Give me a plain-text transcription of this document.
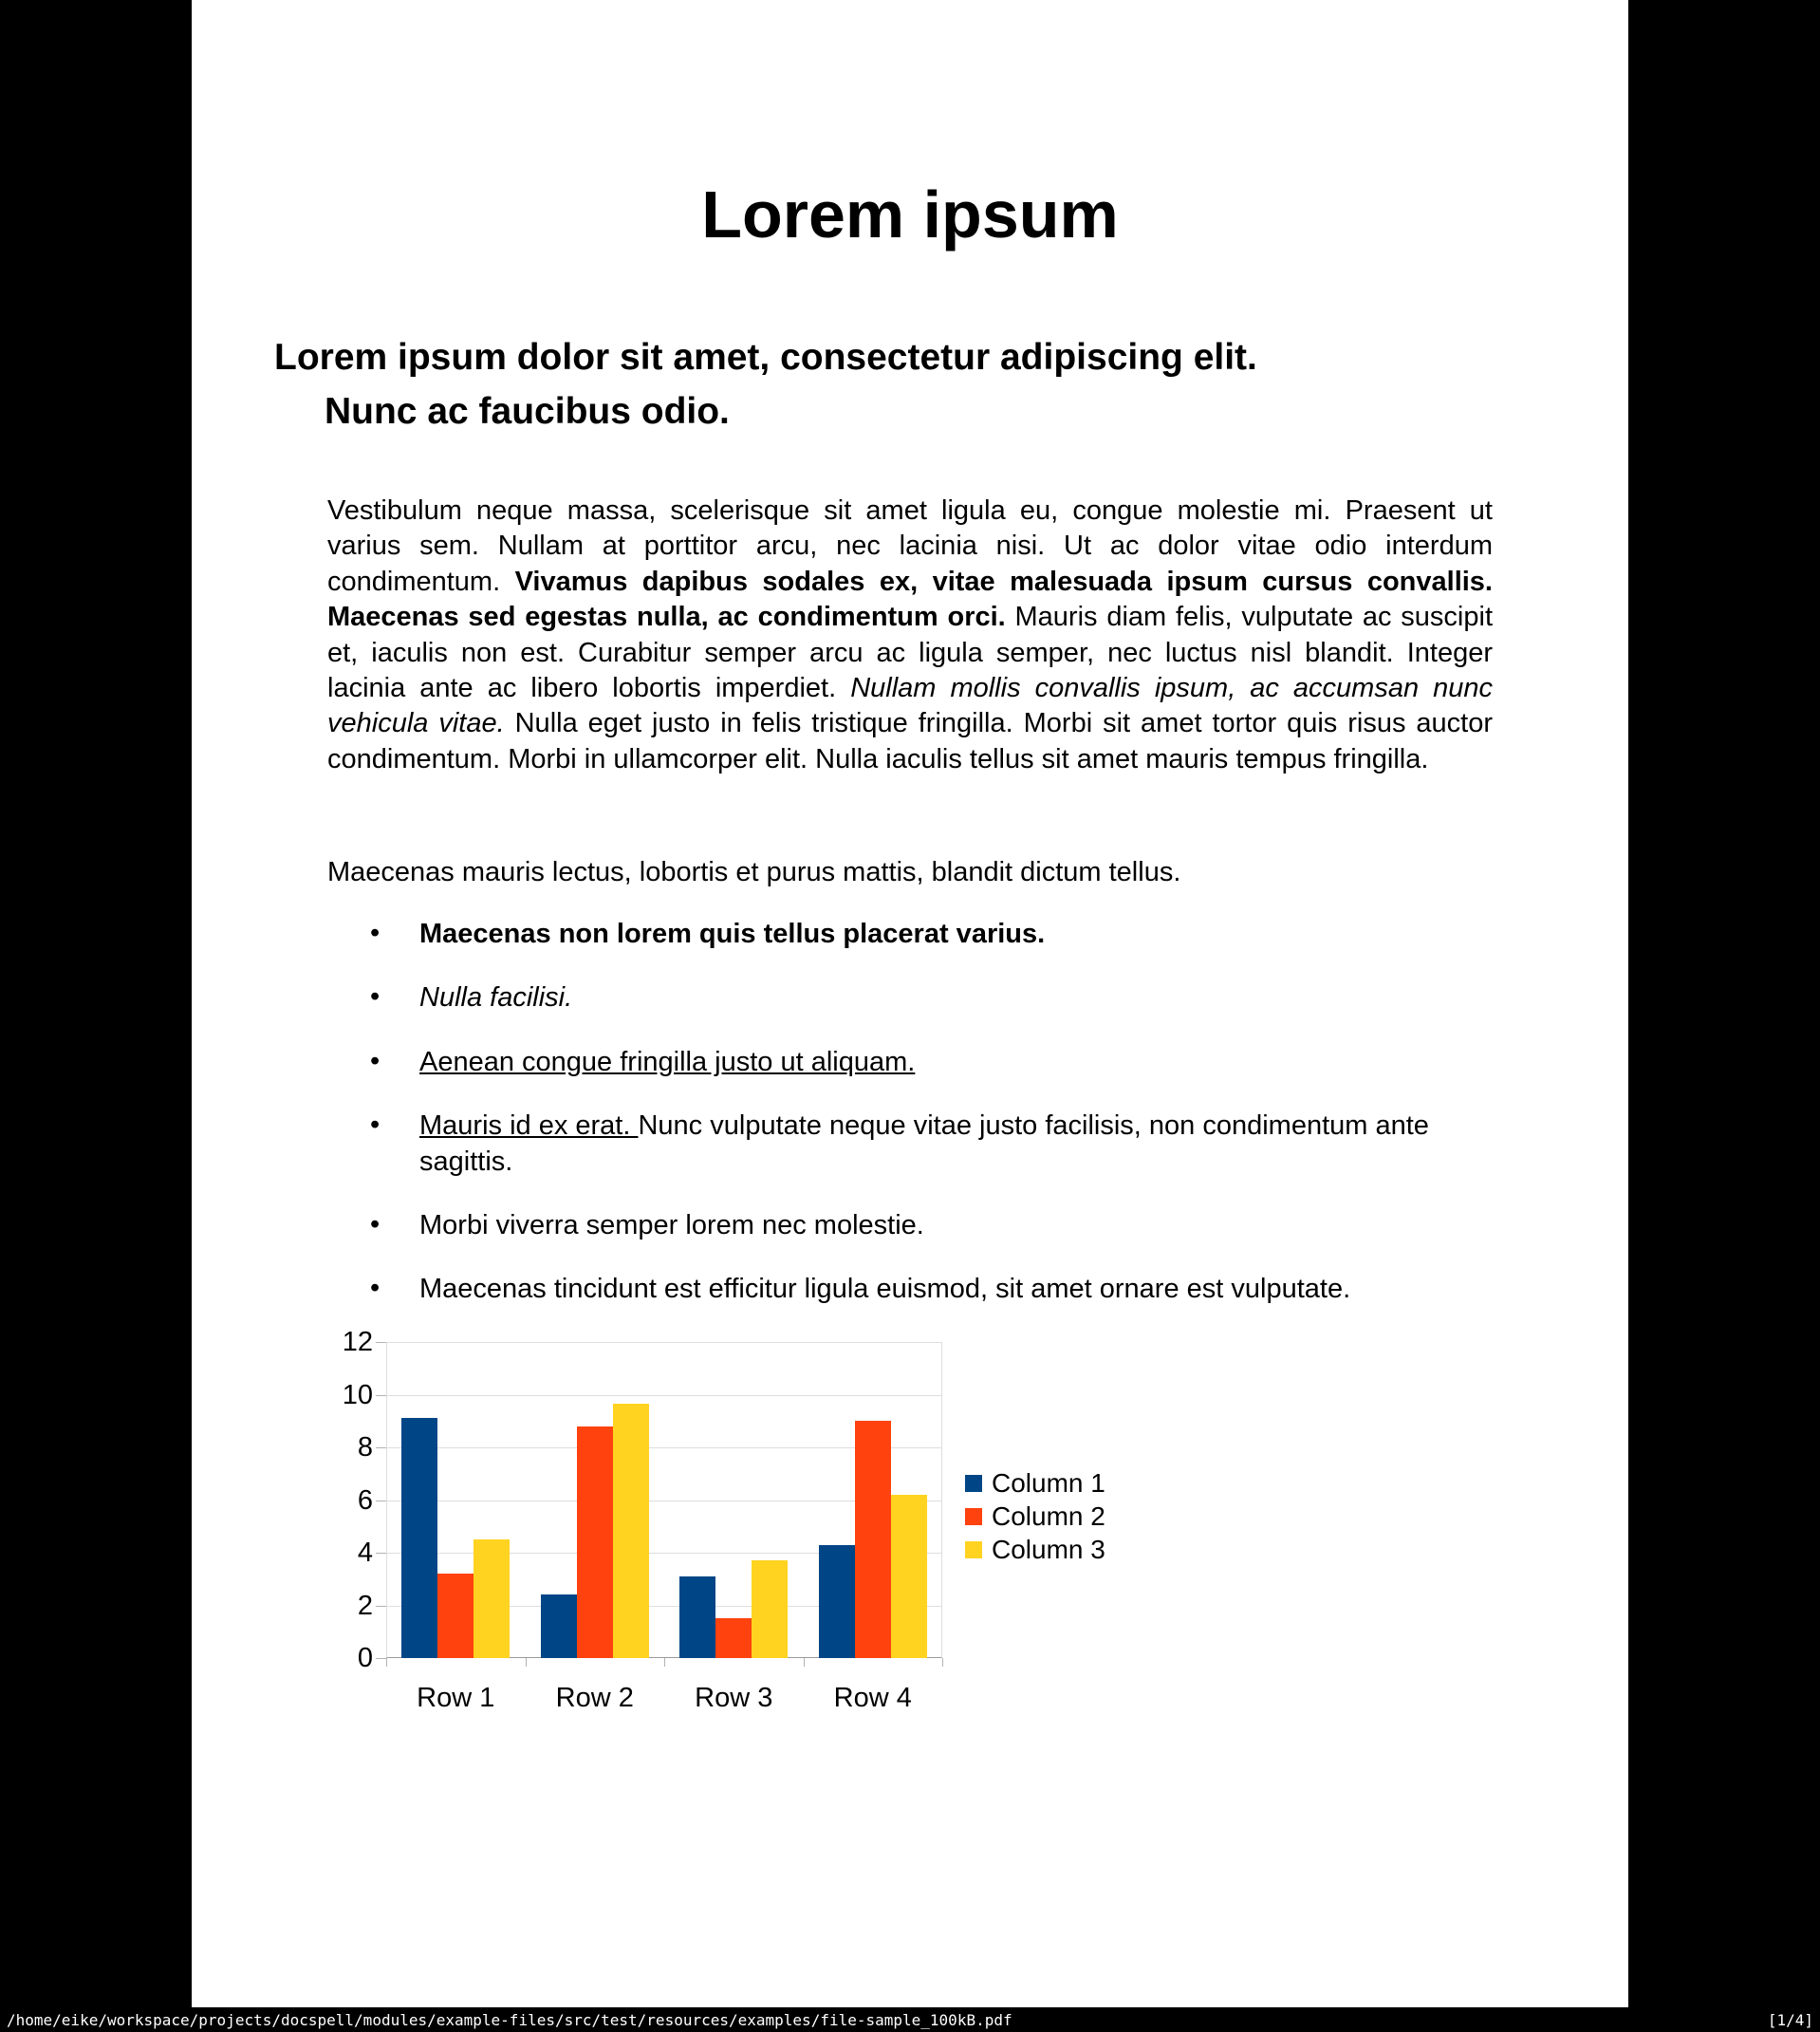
Lorem ipsum
Lorem ipsum dolor sit amet, consectetur adipiscing elit.
Nunc ac faucibus odio.
Vestibulum neque massa, scelerisque sit amet ligula eu, congue molestie mi. Praesent ut varius sem. Nullam at porttitor arcu, nec lacinia nisi. Ut ac dolor vitae odio interdum condimentum. Vivamus dapibus sodales ex, vitae malesuada ipsum cursus convallis. Maecenas sed egestas nulla, ac condimentum orci. Mauris diam felis, vulputate ac suscipit et, iaculis non est. Curabitur semper arcu ac ligula semper, nec luctus nisl blandit. Integer lacinia ante ac libero lobortis imperdiet. Nullam mollis convallis ipsum, ac accumsan nunc vehicula vitae. Nulla eget justo in felis tristique fringilla. Morbi sit amet tortor quis risus auctor condimentum. Morbi in ullamcorper elit. Nulla iaculis tellus sit amet mauris tempus fringilla.
Maecenas mauris lectus, lobortis et purus mattis, blandit dictum tellus.
• Maecenas non lorem quis tellus placerat varius.
• Nulla facilisi.
• Aenean congue fringilla justo ut aliquam.
• Mauris id ex erat. Nunc vulputate neque vitae justo facilisis, non condimentum ante sagittis.
• Morbi viverra semper lorem nec molestie.
• Maecenas tincidunt est efficitur ligula euismod, sit amet ornare est vulputate.
Column 1
Column 2
Column 3
0
2
4
6
8
10
12
Row 1	Row 2	Row 3	Row 4
/home/eike/workspace/projects/docspell/modules/example-files/src/test/resources/examples/file-sample_100kB.pdf	[1/4]
